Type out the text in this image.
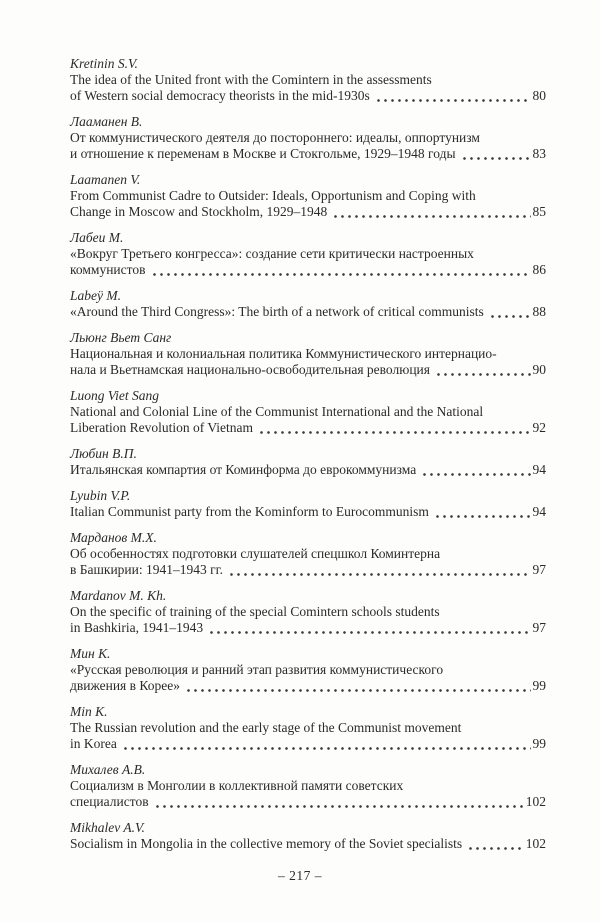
Kretinin S.V.
The idea of the United front with the Comintern in the assessments
of Western social democracy theorists in the mid-1930s	80
Лааманен В.
От коммунистического деятеля до постороннего: идеалы, оппортунизм
и отношение к переменам в Москве и Стокгольме, 1929–1948 годы	83
Laamanen V.
From Communist Cadre to Outsider: Ideals, Opportunism and Coping with
Change in Moscow and Stockholm, 1929–1948	85
Лабеи М.
«Вокруг Третьего конгресса»: создание сети критически настроенных
коммунистов	86
Labeÿ M.
«Around the Third Congress»: The birth of a network of critical communists	88
Льюнг Вьет Санг
Национальная и колониальная политика Коммунистического интернацио-
нала и Вьетнамская национально-освободительная революция	90
Luong Viet Sang
National and Colonial Line of the Communist International and the National
Liberation Revolution of Vietnam	92
Любин В.П.
Итальянская компартия от Коминформа до еврокоммунизма	94
Lyubin V.P.
Italian Communist party from the Kominform to Eurocommunism	94
Марданов М.Х.
Об особенностях подготовки слушателей спецшкол Коминтерна
в Башкирии: 1941–1943 гг.	97
Mardanov M. Kh.
On the specific of training of the special Comintern schools students
in Bashkiria, 1941–1943	97
Мин К.
«Русская революция и ранний этап развития коммунистического
движения в Корее»	99
Min K.
The Russian revolution and the early stage of the Communist movement
in Korea	99
Михалев А.В.
Социализм в Монголии в коллективной памяти советских
специалистов	102
Mikhalev A.V.
Socialism in Mongolia in the collective memory of the Soviet specialists	102
– 217 –
